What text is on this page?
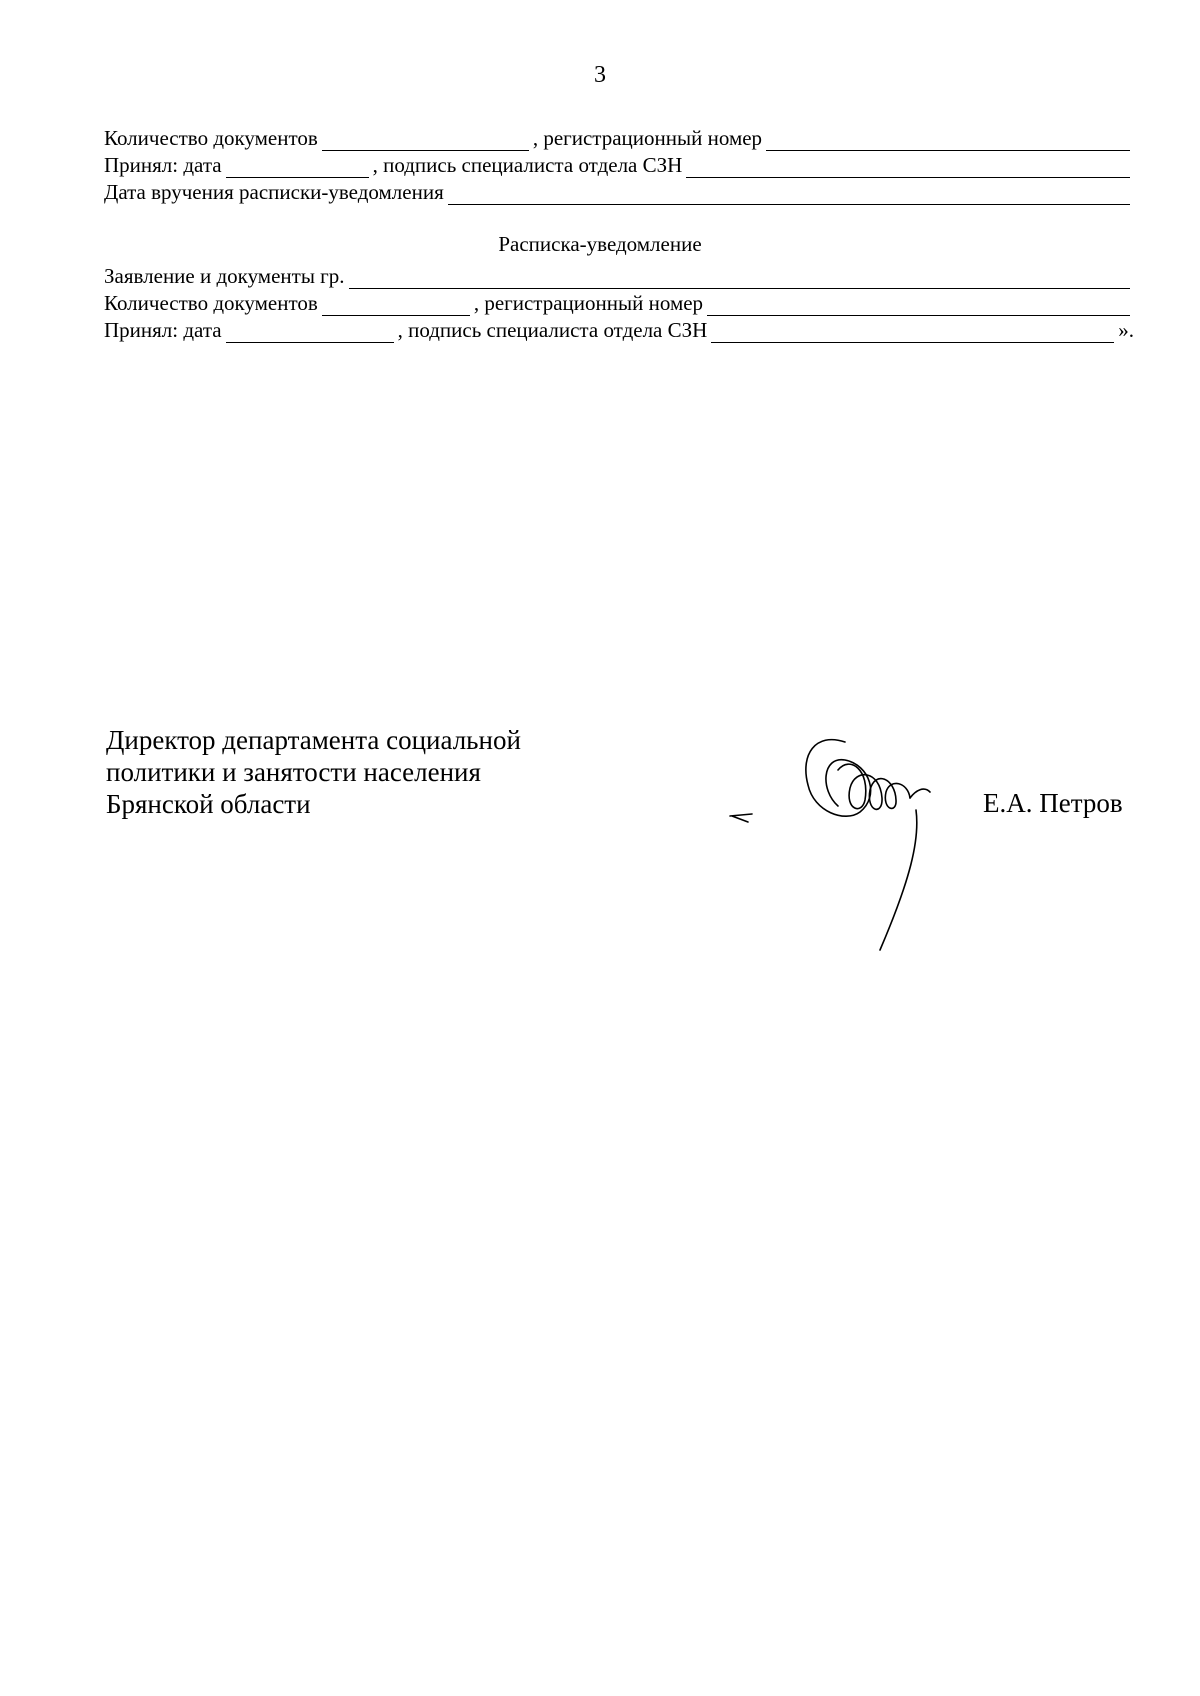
3
Количество документов	, регистрационный номер
Принял: дата	, подпись специалиста отдела СЗН
Дата вручения расписки-уведомления
Расписка-уведомление
Заявление и документы гр.
Количество документов	, регистрационный номер
Принял: дата	, подпись специалиста отдела СЗН	».
Директор департамента социальной
политики и занятости населения
Брянской области	Е.А. Петров
